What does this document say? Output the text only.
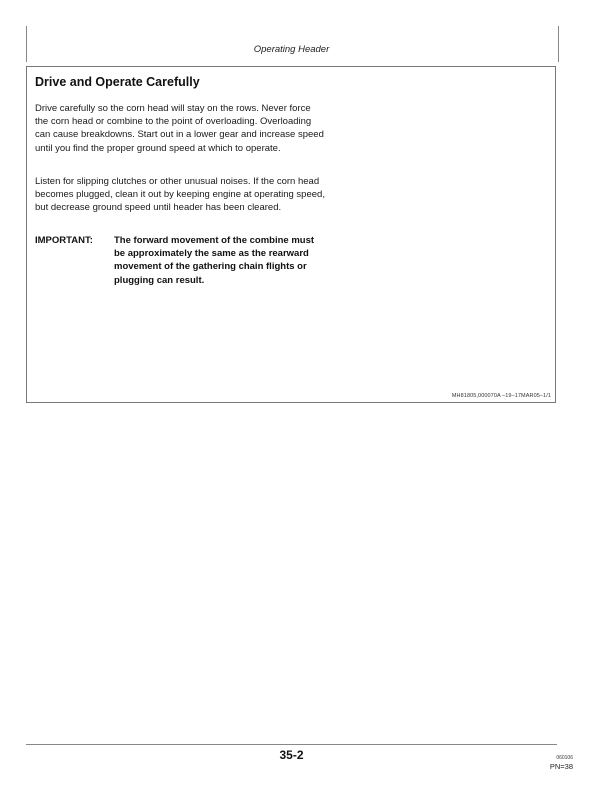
Operating Header
Drive and Operate Carefully

Drive carefully so the corn head will stay on the rows. Never force the corn head or combine to the point of overloading. Overloading can cause breakdowns. Start out in a lower gear and increase speed until you find the proper ground speed at which to operate.

Listen for slipping clutches or other unusual noises. If the corn head becomes plugged, clean it out by keeping engine at operating speed, but decrease ground speed until header has been cleared.

IMPORTANT:	The forward movement of the combine must be approximately the same as the rearward movement of the gathering chain flights or plugging can result.
MH81805,000070A –19–17MAR05–1/1
35-2	060106
PN=38
